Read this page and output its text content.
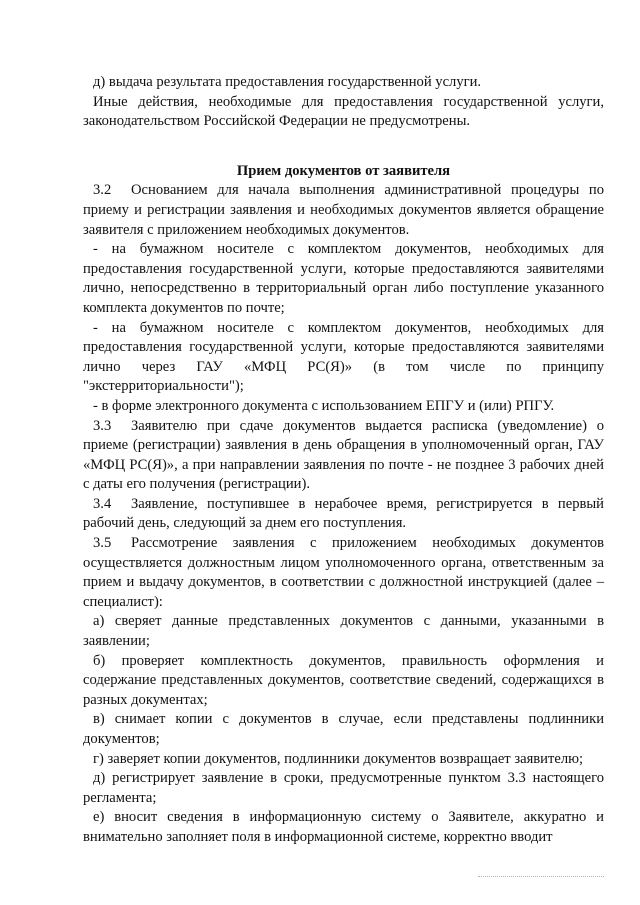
д) выдача результата предоставления государственной услуги.

Иные действия, необходимые для предоставления государственной услуги, законодательством Российской Федерации не предусмотрены.

Прием документов от заявителя

3.2 Основанием для начала выполнения административной процедуры по приему и регистрации заявления и необходимых документов является обращение заявителя с приложением необходимых документов.

- на бумажном носителе с комплектом документов, необходимых для предоставления государственной услуги, которые предоставляются заявителями лично, непосредственно в территориальный орган либо поступление указанного комплекта документов по почте;

- на бумажном носителе с комплектом документов, необходимых для предоставления государственной услуги, которые предоставляются заявителями лично через ГАУ «МФЦ РС(Я)» (в том числе по принципу "экстерриториальности");

- в форме электронного документа с использованием ЕПГУ и (или) РПГУ.

3.3 Заявителю при сдаче документов выдается расписка (уведомление) о приеме (регистрации) заявления в день обращения в уполномоченный орган, ГАУ «МФЦ РС(Я)», а при направлении заявления по почте - не позднее 3 рабочих дней с даты его получения (регистрации).

3.4 Заявление, поступившее в нерабочее время, регистрируется в первый рабочий день, следующий за днем его поступления.

3.5 Рассмотрение заявления с приложением необходимых документов осуществляется должностным лицом уполномоченного органа, ответственным за прием и выдачу документов, в соответствии с должностной инструкцией (далее – специалист):

а) сверяет данные представленных документов с данными, указанными в заявлении;

б) проверяет комплектность документов, правильность оформления и содержание представленных документов, соответствие сведений, содержащихся в разных документах;

в) снимает копии с документов в случае, если представлены подлинники документов;

г) заверяет копии документов, подлинники документов возвращает заявителю;

д) регистрирует заявление в сроки, предусмотренные пунктом 3.3 настоящего регламента;

е) вносит сведения в информационную систему о Заявителе, аккуратно и внимательно заполняет поля в информационной системе, корректно вводит
